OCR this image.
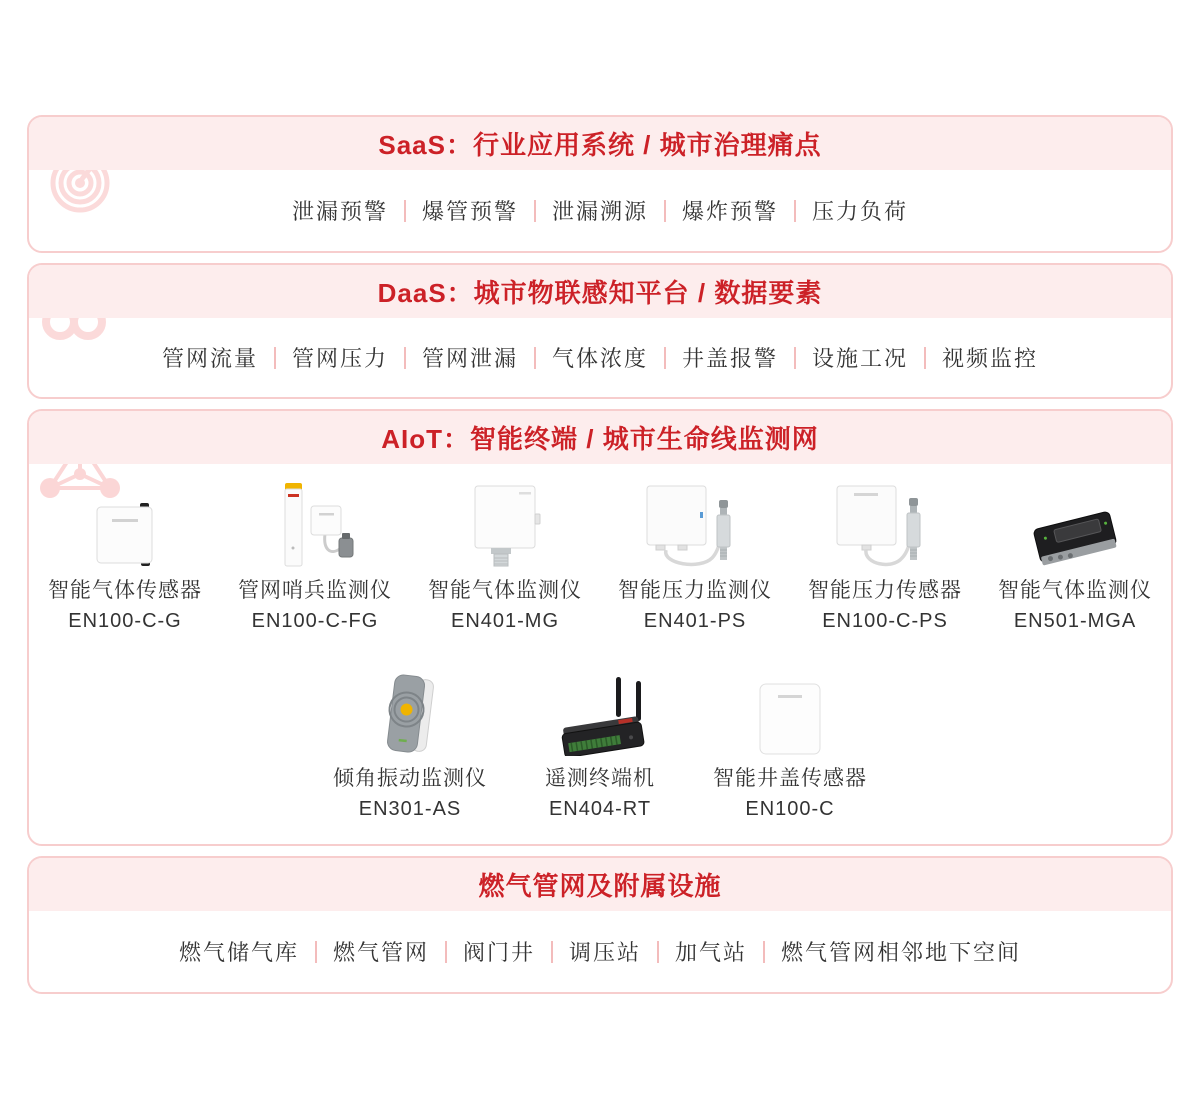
SaaS：行业应用系统 / 城市治理痛点
泄漏预警 爆管预警 泄漏溯源 爆炸预警 压力负荷
DaaS：城市物联感知平台 / 数据要素
管网流量 管网压力 管网泄漏 气体浓度 井盖报警 设施工况 视频监控
AIoT：智能终端 / 城市生命线监测网
智能气体传感器
EN100-C-G
管网哨兵监测仪
EN100-C-FG
智能气体监测仪
EN401-MG
智能压力监测仪
EN401-PS
智能压力传感器
EN100-C-PS
智能气体监测仪
EN501-MGA
倾角振动监测仪
EN301-AS
遥测终端机
EN404-RT
智能井盖传感器
EN100-C
燃气管网及附属设施
燃气储气库 燃气管网 阀门井 调压站 加气站 燃气管网相邻地下空间
